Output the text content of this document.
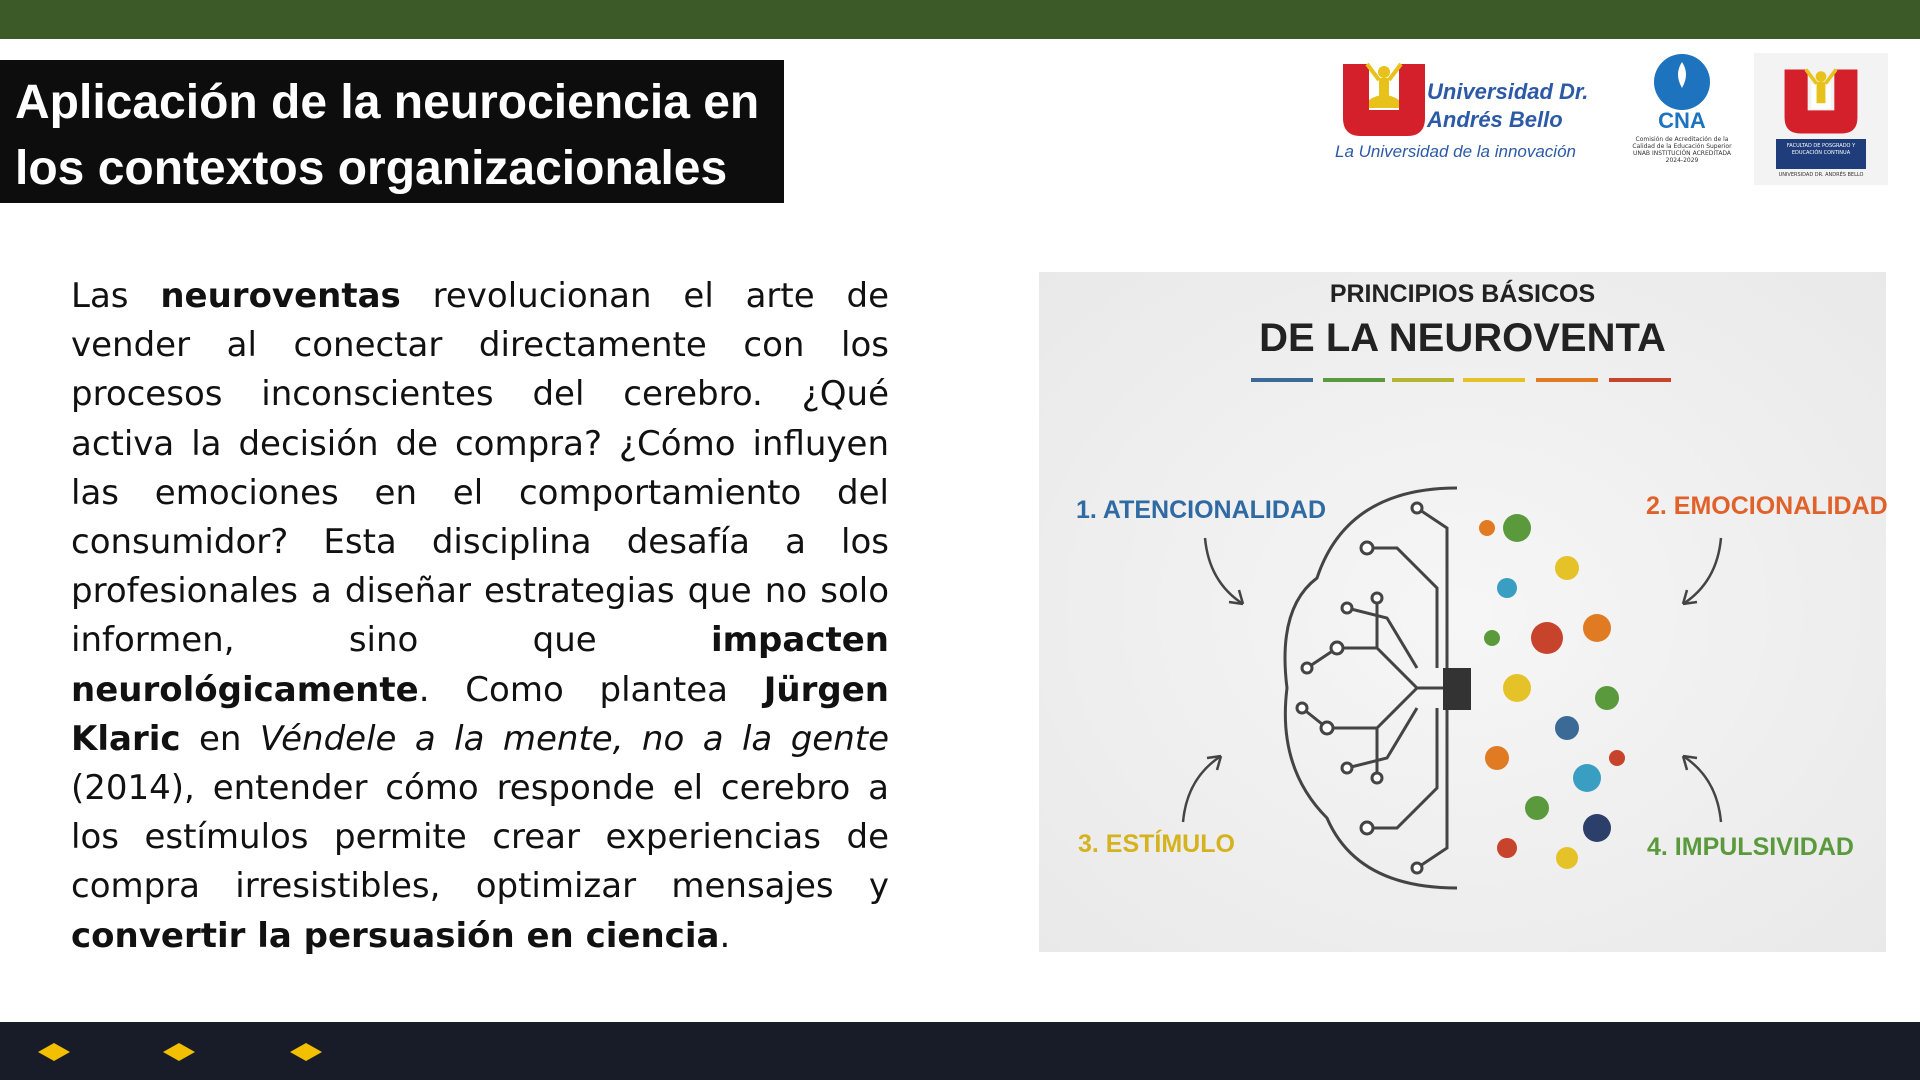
Aplicación de la neurociencia en los contextos organizacionales
Universidad Dr. Andrés Bello
La Universidad de la innovación
CNA
Comisión de Acreditación de la Calidad de la Educación Superior UNAB INSTITUCIÓN ACREDITADA 2024-2029
FACULTAD DE POSGRADO Y EDUCACIÓN CONTINUA
UNIVERSIDAD DR. ANDRÉS BELLO
Las neuroventas revolucionan el arte de vender al conectar directamente con los procesos inconscientes del cerebro. ¿Qué activa la decisión de compra? ¿Cómo influyen las emociones en el comportamiento del consumidor? Esta disciplina desafía a los profesionales a diseñar estrategias que no solo informen, sino que impacten neurológicamente. Como plantea Jürgen Klaric en Véndele a la mente, no a la gente (2014), entender cómo responde el cerebro a los estímulos permite crear experiencias de compra irresistibles, optimizar mensajes y convertir la persuasión en ciencia.
PRINCIPIOS BÁSICOS
DE LA NEUROVENTA
1. ATENCIONALIDAD	2. EMOCIONALIDAD
3. ESTÍMULO	4. IMPULSIVIDAD
